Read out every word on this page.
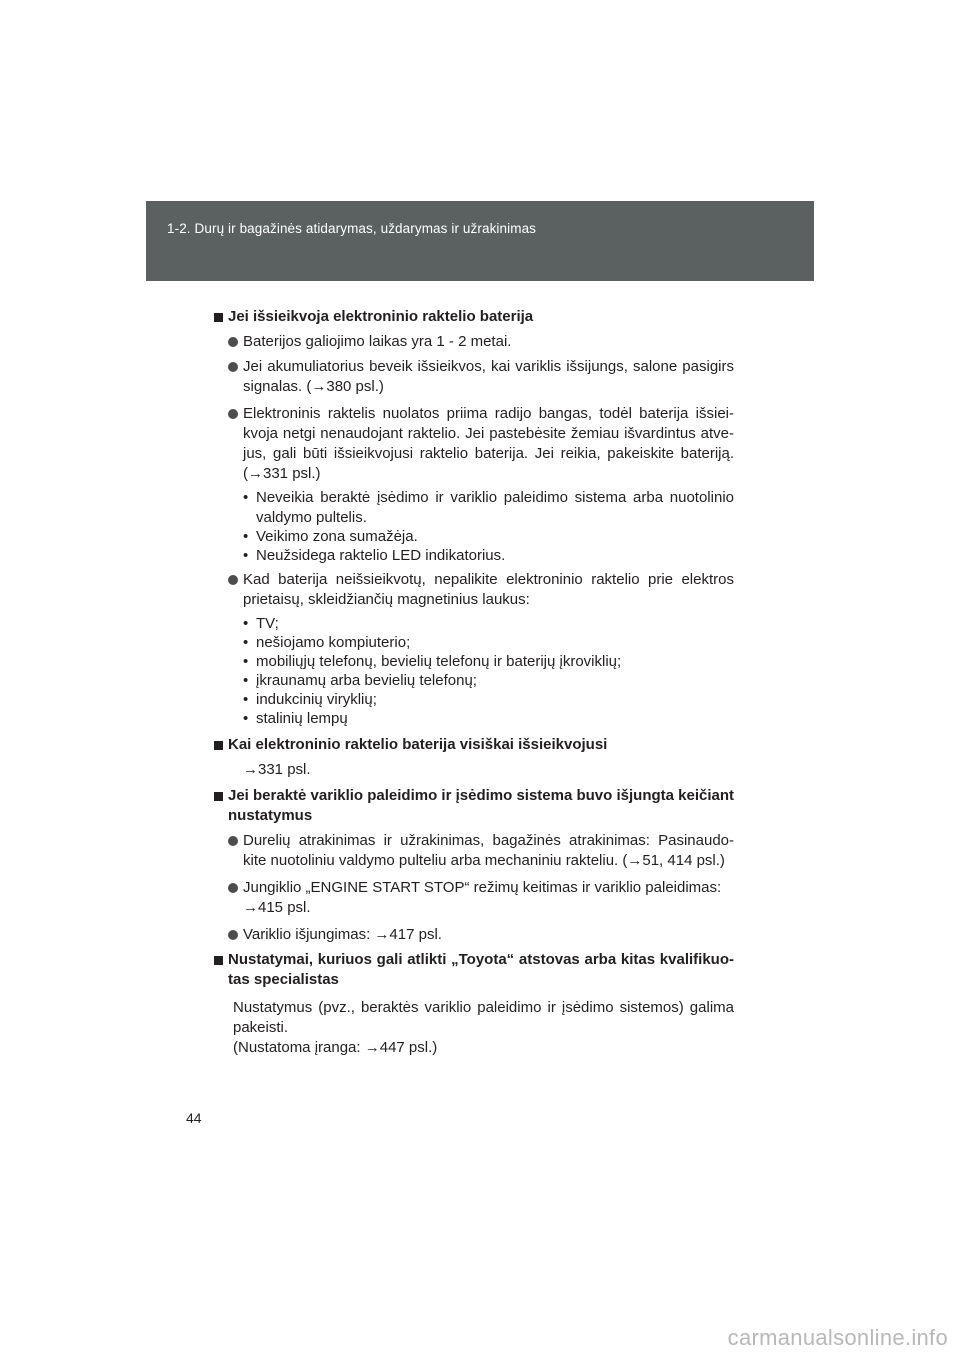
1-2. Durų ir bagažinės atidarymas, uždarymas ir užrakinimas
Jei išsieikvoja elektroninio raktelio baterija
Baterijos galiojimo laikas yra 1 - 2 metai.
Jei akumuliatorius beveik išsieikvos, kai variklis išsijungs, salone pasigirs
signalas. (→380 psl.)
Elektroninis raktelis nuolatos priima radijo bangas, todėl baterija išsiei-
kvoja netgi nenaudojant raktelio. Jei pastebėsite žemiau išvardintus atve-
jus, gali būti išsieikvojusi raktelio baterija. Jei reikia, pakeiskite bateriją.
(→331 psl.)
• Neveikia beraktė įsėdimo ir variklio paleidimo sistema arba nuotolinio
valdymo pultelis.
• Veikimo zona sumažėja.
• Neužsidega raktelio LED indikatorius.
Kad baterija neišsieikvotų, nepalikite elektroninio raktelio prie elektros
prietaisų, skleidžiančių magnetinius laukus:
• TV;
• nešiojamo kompiuterio;
• mobiliųjų telefonų, bevielių telefonų ir baterijų įkroviklių;
• įkraunamų arba bevielių telefonų;
• indukcinių viryklių;
• stalinių lempų
Kai elektroninio raktelio baterija visiškai išsieikvojusi
→331 psl.
Jei beraktė variklio paleidimo ir įsėdimo sistema buvo išjungta keičiant
nustatymus
Durelių atrakinimas ir užrakinimas, bagažinės atrakinimas: Pasinaudo-
kite nuotoliniu valdymo pulteliu arba mechaniniu rakteliu. (→51, 414 psl.)
Jungiklio „ENGINE START STOP“ režimų keitimas ir variklio paleidimas:
→415 psl.
Variklio išjungimas: →417 psl.
Nustatymai, kuriuos gali atlikti „Toyota“ atstovas arba kitas kvalifikuo-
tas specialistas
Nustatymus (pvz., beraktės variklio paleidimo ir įsėdimo sistemos) galima
pakeisti.
(Nustatoma įranga: →447 psl.)
44
carmanualsonline.info
